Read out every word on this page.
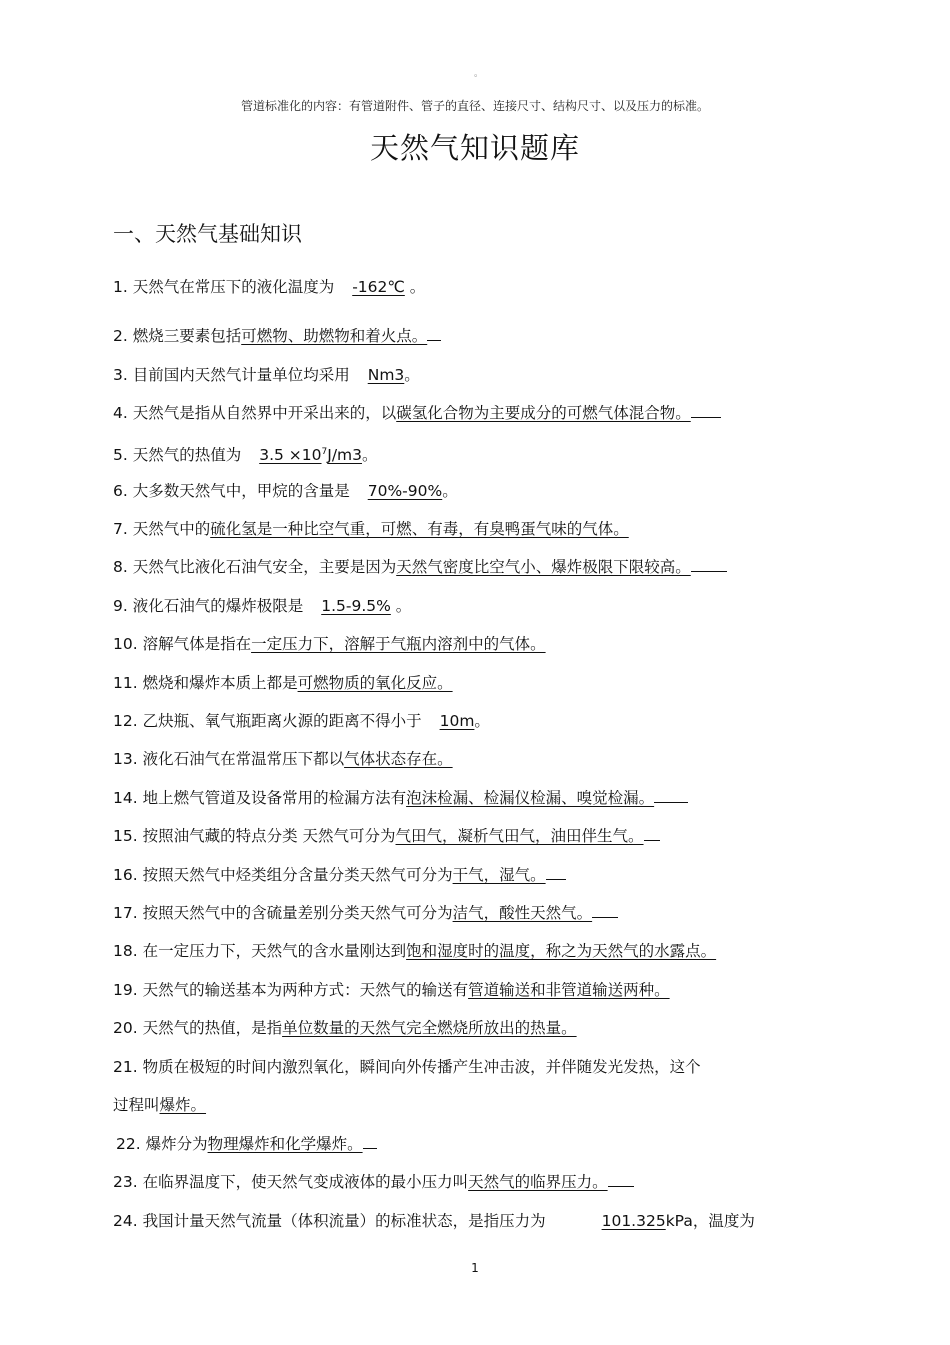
。
管道标准化的内容：有管道附件、管子的直径、连接尺寸、结构尺寸、以及压力的标准。
天然气知识题库
一、天然气基础知识
1. 天然气在常压下的液化温度为 -162℃ 。
2. 燃烧三要素包括可燃物、助燃物和着火点。
3. 目前国内天然气计量单位均采用 Nm3。
4. 天然气是指从自然界中开采出来的，以碳氢化合物为主要成分的可燃气体混合物。
5. 天然气的热值为 $3.5 \times 10^7J/m3$。
6. 大多数天然气中，甲烷的含量是 70%-90%。
7. 天然气中的硫化氢是一种比空气重，可燃、有毒，有臭鸭蛋气味的气体。
8. 天然气比液化石油气安全，主要是因为天然气密度比空气小、爆炸极限下限较高。
9. 液化石油气的爆炸极限是 1.5-9.5% 。
10. 溶解气体是指在一定压力下，溶解于气瓶内溶剂中的气体。
11. 燃烧和爆炸本质上都是可燃物质的氧化反应。
12. 乙炔瓶、氧气瓶距离火源的距离不得小于 10m。
13. 液化石油气在常温常压下都以气体状态存在。
14. 地上燃气管道及设备常用的检漏方法有泡沫检漏、检漏仪检漏、嗅觉检漏。
15. 按照油气藏的特点分类 天然气可分为气田气，凝析气田气，油田伴生气。
16. 按照天然气中烃类组分含量分类天然气可分为干气，湿气。
17. 按照天然气中的含硫量差别分类天然气可分为洁气，酸性天然气。
18. 在一定压力下，天然气的含水量刚达到饱和湿度时的温度，称之为天然气的水露点。
19. 天然气的输送基本为两种方式：天然气的输送有管道输送和非管道输送两种。
20. 天然气的热值，是指单位数量的天然气完全燃烧所放出的热量。
21. 物质在极短的时间内激烈氧化，瞬间向外传播产生冲击波，并伴随发光发热，这个
过程叫爆炸。
22. 爆炸分为物理爆炸和化学爆炸。
23. 在临界温度下，使天然气变成液体的最小压力叫天然气的临界压力。
24. 我国计量天然气流量（体积流量）的标准状态，是指压力为	101.325kPa，温度为
1
